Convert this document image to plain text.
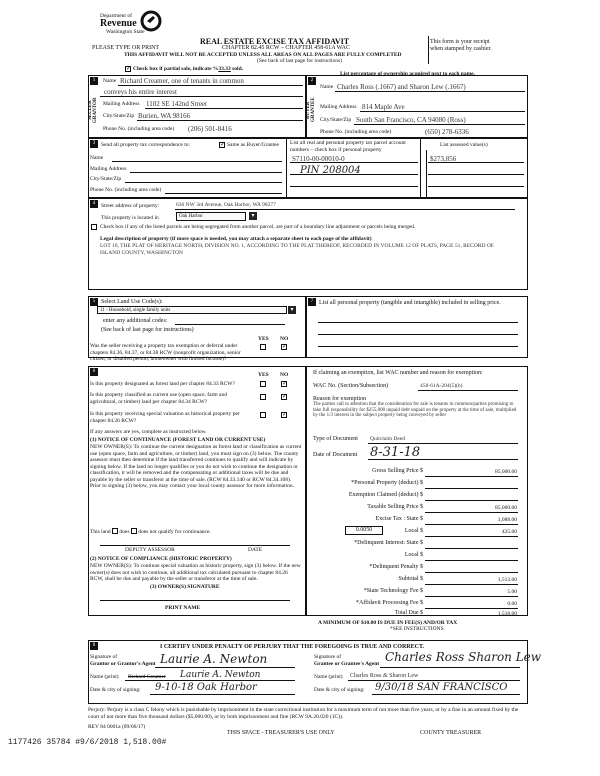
Department of
Revenue
Washington State
PLEASE TYPE OR PRINT
REAL ESTATE EXCISE TAX AFFIDAVIT
CHAPTER 82.45 RCW – CHAPTER 458-61A WAC
THIS AFFIDAVIT WILL NOT BE ACCEPTED UNLESS ALL AREAS ON ALL PAGES ARE FULLY COMPLETED
(See back of last page for instructions)
This form is your receipt
when stamped by cashier.
✓ Check box if partial sale, indicate %33.33 sold.
List percentage of ownership acquired next to each name.
1
SELLER GRANTOR
Name Richard Creamer, one of tenants in common
conveys his entire interest
Mailing Address 1102 SE 142nd Street
City/State/Zip Burien, WA 98166
Phone No. (including area code) (206) 501-8416
2
BUYER GRANTEE
Name Charles Ross (.1667) and Sharon Lew (.1667)
Mailing Address 814 Maple Ave
City/State/Zip South San Francisco, CA 94080 (Ross)
Phone No. (including area code)	(650) 278-6336
3	Send all property tax correspondence to:	✓ Same as Buyer/Grantee
Name
Mailing Address
City/State/Zip
Phone No. (including area code)
List all real and personal property tax parcel account numbers – check box if personal property
List assessed value(s)
S7110-00-00010-0
PIN 208004
$273,856
4	Street address of property:	636 NW 3rd Avenue, Oak Harbor, WA 98277
This property is located in	Oak Harbor	▾
Check box if any of the listed parcels are being segregated from another parcel, are part of a boundary line adjustment or parcels being merged.
Legal description of property (if more space is needed, you may attach a separate sheet to each page of the affidavit)
LOT 10, THE PLAT OF HERITAGE NORTH, DIVISION NO. 1, ACCORDING TO THE PLAT THEREOF, RECORDED IN VOLUME 12 OF PLATS, PAGE 51, RECORD OF ISLAND COUNTY, WASHINGTON
5 Select Land Use Code(s):
11 - Household, single family units	▾
enter any additional codes:
(See back of last page for instructions)
YES NO
Was the seller receiving a property tax exemption or deferral under chapters 84.36, 84.37, or 84.38 RCW (nonprofit organization, senior citizen, or disabled person, homeowner with limited income)?
✓
6
YES NO
Is this property designated as forest land per chapter 84.33 RCW?	✓
Is this property classified as current use (open space, farm and agricultural, or timber) land per chapter 84.34 RCW?
✓
Is this property receiving special valuation as historical property per chapter 84.26 RCW?
✓
If any answers are yes, complete as instructed below.
(1) NOTICE OF CONTINUANCE (FOREST LAND OR CURRENT USE)
NEW OWNER(S): To continue the current designation as forest land or classification as current use (open space, farm and agriculture, or timber) land, you must sign on (3) below. The county assessor must then determine if the land transferred continues to qualify and will indicate by signing below. If the land no longer qualifies or you do not wish to continue the designation or classification, it will be removed and the compensating or additional taxes will be due and payable by the seller or transferor at the time of sale. (RCW 84.33.140 or RCW 84.34.108). Prior to signing (3) below, you may contact your local county assessor for more information.
This land does does not qualify for continuance.
DEPUTY ASSESSOR	DATE
(2) NOTICE OF COMPLIANCE (HISTORIC PROPERTY)
NEW OWNER(S): To continue special valuation as historic property, sign (3) below. If the new owner(s) does not wish to continue, all additional tax calculated pursuant to chapter 84.26 RCW, shall be due and payable by the seller or transferor at the time of sale.
(3) OWNER(S) SIGNATURE
PRINT NAME
7 List all personal property (tangible and intangible) included in selling price.
If claiming an exemption, list WAC number and reason for exemption:
WAC No. (Section/Subsection)	458-61A-204(5)(b)
Reason for exemption
The parties call to attention that the consideration for sale is tenants in common/parties promising to take full responsibility for $255,000 unpaid debt unpaid on the property at the time of sale, multiplied by the 1/3 interest in the subject property being conveyed by seller
Type of Document Quitclaim Deed
Date of Document 8-31-18
Gross Selling Price $	85,000.00
*Personal Property (deduct) $
Exemption Claimed (deduct) $
Taxable Selling Price $	85,000.00
Excise Tax : State $	1,088.00
0.0050	Local $	425.00
*Delinquent Interest: State $
Local $
*Delinquent Penalty $
Subtotal $	1,513.00
*State Technology Fee $	5.00
*Affidavit Processing Fee $	0.00
Total Due $	1,518.00
A MINIMUM OF $10.00 IS DUE IN FEE(S) AND/OR TAX
*SEE INSTRUCTIONS
8	I CERTIFY UNDER PENALTY OF PERJURY THAT THE FOREGOING IS TRUE AND CORRECT.
Signature of
Grantor or Grantor's Agent Laurie A. Newton
Name (print) Richard Creamer Laurie A. Newton
Date & city of signing: 9-10-18 Oak Harbor
Signature of
Grantee or Grantee's Agent Charles Ross Sharon Lew
Name (print) Charles Ross & Sharon Lew
Date & city of signing: 9/30/18 SAN FRANCISCO
Perjury: Perjury is a class C felony which is punishable by imprisonment in the state correctional institution for a maximum term of not more than five years, or by a fine in an amount fixed by the court of not more than five thousand dollars ($5,000.00), or by both imprisonment and fine (RCW 9A.20.020 (1C)).
REV 84 0001a (09/06/17)
THIS SPACE - TREASURER'S USE ONLY	COUNTY TREASURER
1177426 35784 #9/6/2018 1,518.00#
